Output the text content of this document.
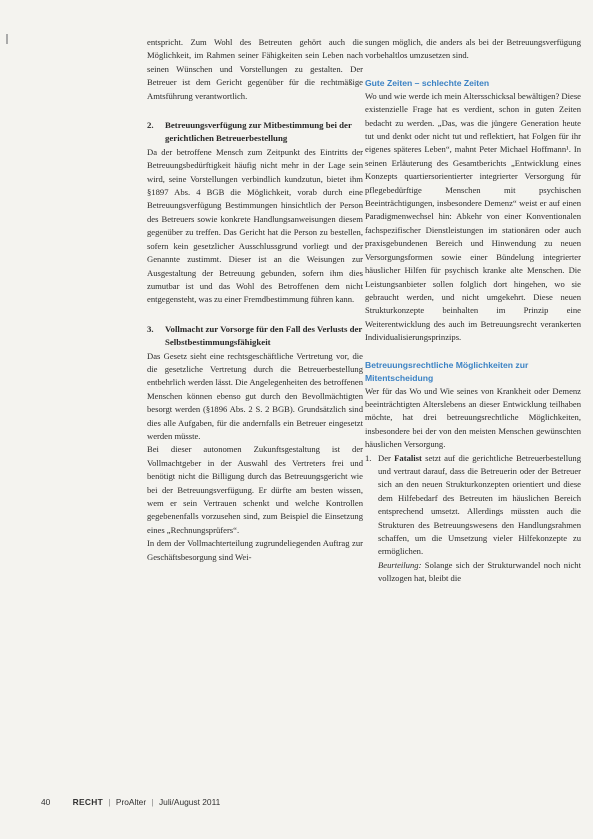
entspricht. Zum Wohl des Betreuten gehört auch die Möglichkeit, im Rahmen seiner Fähigkeiten sein Leben nach seinen Wünschen und Vorstellungen zu gestalten. Der Betreuer ist dem Gericht gegenüber für die rechtmäßige Amtsführung verantwortlich.

2.	Betreuungsverfügung zur Mitbestimmung bei der gerichtlichen Betreuerbestellung

Da der betroffene Mensch zum Zeitpunkt des Eintritts der Betreuungsbedürftigkeit häufig nicht mehr in der Lage sein wird, seine Vorstellungen verbindlich kundzutun, bietet ihm §1897 Abs. 4 BGB die Möglichkeit, vorab durch eine Betreuungsverfügung Bestimmungen hinsichtlich der Person des Betreuers sowie konkrete Handlungsanweisungen diesem gegenüber zu treffen. Das Gericht hat die Person zu bestellen, sofern kein gesetzlicher Ausschlussgrund vorliegt und der Genannte zustimmt. Dieser ist an die Weisungen zur Ausgestaltung der Betreuung gebunden, sofern ihm dies zumutbar ist und das Wohl des Betroffenen dem nicht entgegensteht, was zu einer Fremdbestimmung führen kann.

3.	Vollmacht zur Vorsorge für den Fall des Verlusts der Selbstbestimmungsfähigkeit

Das Gesetz sieht eine rechtsgeschäftliche Vertretung vor, die die gesetzliche Vertretung durch die Betreuerbestellung entbehrlich werden lässt. Die Angelegenheiten des betroffenen Menschen können ebenso gut durch den Bevollmächtigten besorgt werden (§1896 Abs. 2 S. 2 BGB). Grundsätzlich sind dies alle Aufgaben, für die andernfalls ein Betreuer eingesetzt werden müsste.

Bei dieser autonomen Zukunftsgestaltung ist der Vollmachtgeber in der Auswahl des Vertreters frei und benötigt nicht die Billigung durch das Betreuungsgericht wie bei der Betreuungsverfügung. Er dürfte am besten wissen, wem er sein Vertrauen schenkt und welche Kontrollen gegebenenfalls vorzusehen sind, zum Beispiel die Einsetzung eines „Rechnungsprüfers“.

In dem der Vollmachterteilung zugrundeliegenden Auftrag zur Geschäftsbesorgung sind Wei-

sungen möglich, die anders als bei der Betreuungsverfügung vorbehaltlos umzusetzen sind.

Gute Zeiten – schlechte Zeiten

Wo und wie werde ich mein Altersschicksal bewältigen? Diese existenzielle Frage hat es verdient, schon in guten Zeiten bedacht zu werden. „Das, was die jüngere Generation heute tut und denkt oder nicht tut und reflektiert, hat Folgen für ihr eigenes späteres Leben“, mahnt Peter Michael Hoffmann¹. In seinen Erläuterung des Gesamtberichts „Entwicklung eines Konzepts quartiersorientierter integrierter Versorgung für pflegebedürftige Menschen mit psychischen Beeinträchtigungen, insbesondere Demenz“ weist er auf einen Paradigmenwechsel hin: Abkehr von einer Konventionalen fachspezifischer Dienstleistungen im stationären oder auch praxisgebundenen Bereich und Hinwendung zu neuen Versorgungsformen sowie einer Bündelung integrierter häuslicher Hilfen für psychisch kranke alte Menschen. Die Leistungsanbieter sollen folglich dort hingehen, wo sie gebraucht werden, und nicht umgekehrt. Diese neuen Strukturkonzepte beinhalten im Prinzip eine Weiterentwicklung des auch im Betreuungsrecht verankerten Individualisierungsprinzips.

Betreuungsrechtliche Möglichkeiten zur Mitentscheidung

Wer für das Wo und Wie seines von Krankheit oder Demenz beeinträchtigten Alterslebens an dieser Entwicklung teilhaben möchte, hat drei betreuungsrechtliche Möglichkeiten, insbesondere bei der von den meisten Menschen gewünschten häuslichen Versorgung.

1. Der Fatalist setzt auf die gerichtliche Betreuerbestellung und vertraut darauf, dass die Betreuerin oder der Betreuer sich an den neuen Strukturkonzepten orientiert und diese dem Hilfebedarf des Betreuten im häuslichen Bereich entsprechend umsetzt. Allerdings müssten auch die Strukturen des Betreuungswesens den Handlungsrahmen schaffen, um die Umsetzung vieler Hilfekonzepte zu ermöglichen.

Beurteilung: Solange sich der Strukturwandel noch nicht vollzogen hat, bleibt die

40	RECHT | ProAlter | Juli/August 2011
